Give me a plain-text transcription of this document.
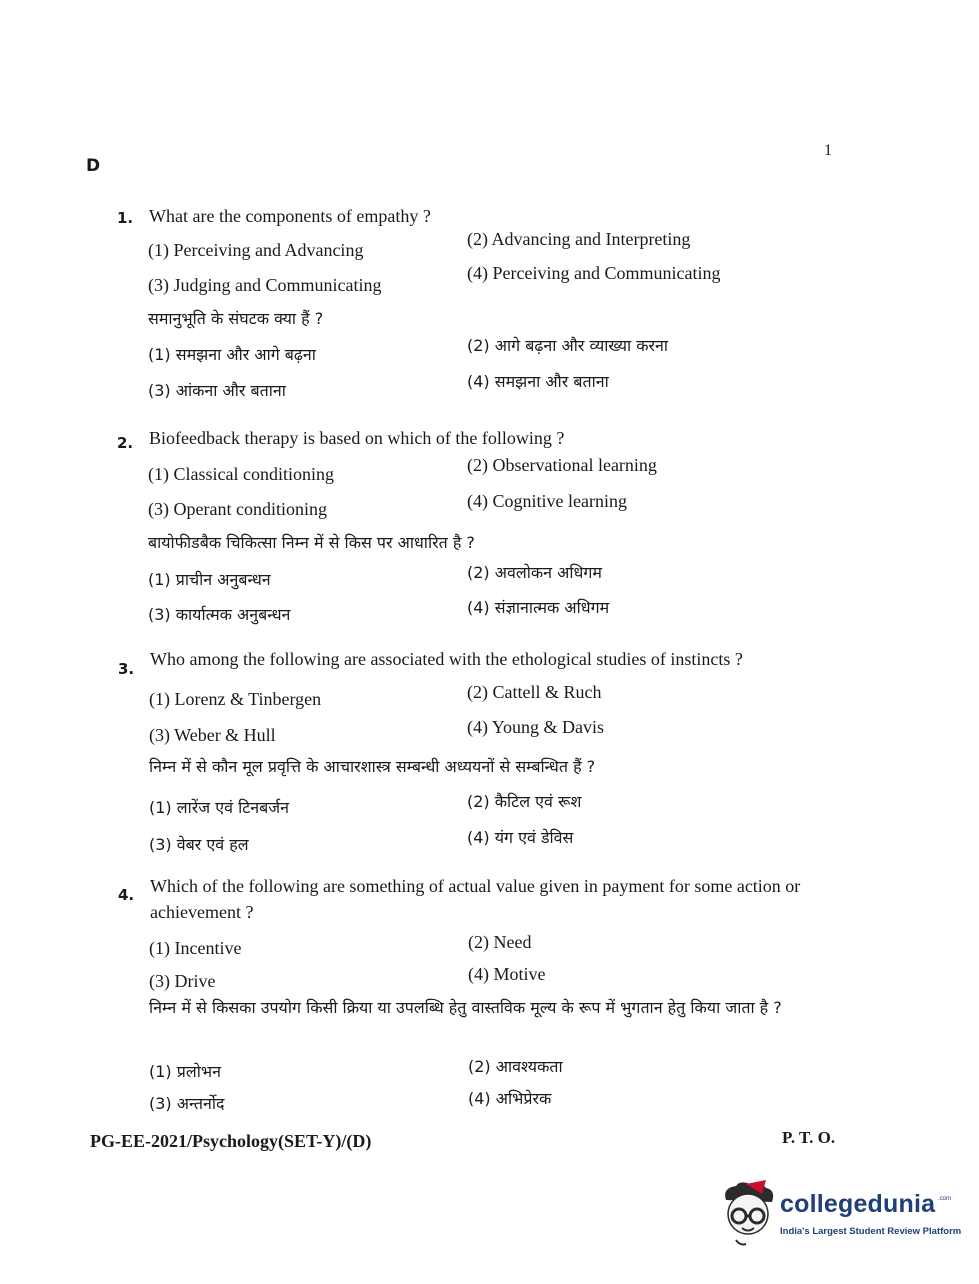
D
1
1. What are the components of empathy ?
(1) Perceiving and Advancing
(2) Advancing and Interpreting
(3) Judging and Communicating
(4) Perceiving and Communicating
समानुभूति के संघटक क्या हैं ?
(1) समझना और आगे बढ़ना	(2) आगे बढ़ना और व्याख्या करना
(3) आंकना और बताना	(4) समझना और बताना
2. Biofeedback therapy is based on which of the following ?
(1) Classical conditioning	(2) Observational learning
(3) Operant conditioning	(4) Cognitive learning
बायोफीडबैक चिकित्सा निम्न में से किस पर आधारित है ?
(1) प्राचीन अनुबन्धन	(2) अवलोकन अधिगम
(3) कार्यात्मक अनुबन्धन	(4) संज्ञानात्मक अधिगम
3. Who among the following are associated with the ethological studies of instincts ?
(1) Lorenz & Tinbergen	(2) Cattell & Ruch
(3) Weber & Hull	(4) Young & Davis
निम्न में से कौन मूल प्रवृत्ति के आचारशास्त्र सम्बन्धी अध्ययनों से सम्बन्धित हैं ?
(1) लारेंज एवं टिनबर्जन	(2) कैटिल एवं रूश
(3) वेबर एवं हल	(4) यंग एवं डेविस
4. Which of the following are something of actual value given in payment for some action or achievement ?
(1) Incentive	(2) Need
(3) Drive	(4) Motive
निम्न में से किसका उपयोग किसी क्रिया या उपलब्धि हेतु वास्तविक मूल्य के रूप में भुगतान हेतु किया जाता है ?
(1) प्रलोभन	(2) आवश्यकता
(3) अन्तर्नोद	(4) अभिप्रेरक
PG-EE-2021/Psychology(SET-Y)/(D)	P. T. O.
collegedunia .com
India's Largest Student Review Platform
